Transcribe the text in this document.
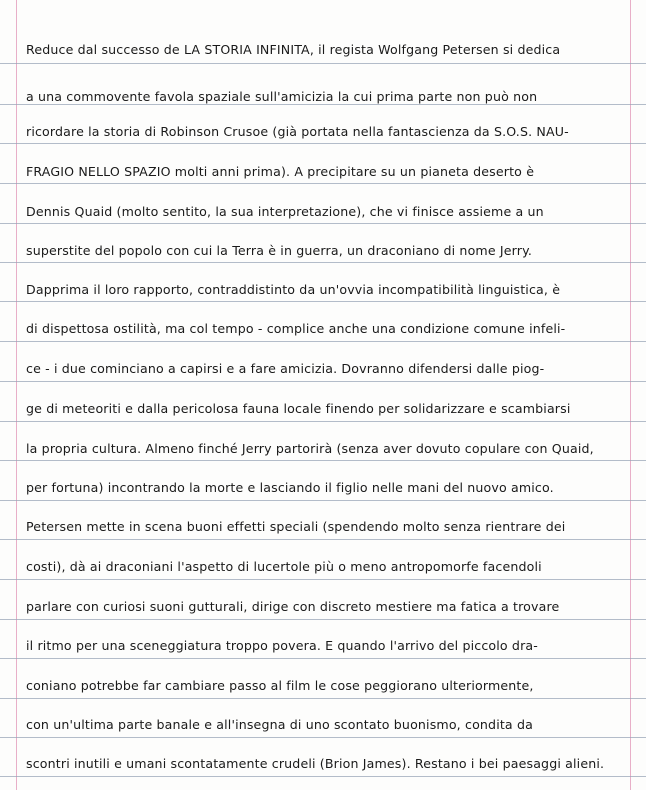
Reduce dal successo de LA STORIA INFINITA, il regista Wolfgang Petersen si dedica
a una commovente favola spaziale sull'amicizia la cui prima parte non può non
ricordare la storia di Robinson Crusoe (già portata nella fantascienza da S.O.S. NAU-
FRAGIO NELLO SPAZIO molti anni prima). A precipitare su un pianeta deserto è
Dennis Quaid (molto sentito, la sua interpretazione), che vi finisce assieme a un
superstite del popolo con cui la Terra è in guerra, un draconiano di nome Jerry.
Dapprima il loro rapporto, contraddistinto da un'ovvia incompatibilità linguistica, è
di dispettosa ostilità, ma col tempo - complice anche una condizione comune infeli-
ce - i due cominciano a capirsi e a fare amicizia. Dovranno difendersi dalle piog-
ge di meteoriti e dalla pericolosa fauna locale finendo per solidarizzare e scambiarsi
la propria cultura. Almeno finché Jerry partorirà (senza aver dovuto copulare con Quaid,
per fortuna) incontrando la morte e lasciando il figlio nelle mani del nuovo amico.
Petersen mette in scena buoni effetti speciali (spendendo molto senza rientrare dei
costi), dà ai draconiani l'aspetto di lucertole più o meno antropomorfe facendoli
parlare con curiosi suoni gutturali, dirige con discreto mestiere ma fatica a trovare
il ritmo per una sceneggiatura troppo povera. E quando l'arrivo del piccolo dra-
coniano potrebbe far cambiare passo al film le cose peggiorano ulteriormente,
con un'ultima parte banale e all'insegna di uno scontato buonismo, condita da
scontri inutili e umani scontatamente crudeli (Brion James). Restano i bei paesaggi alieni.
